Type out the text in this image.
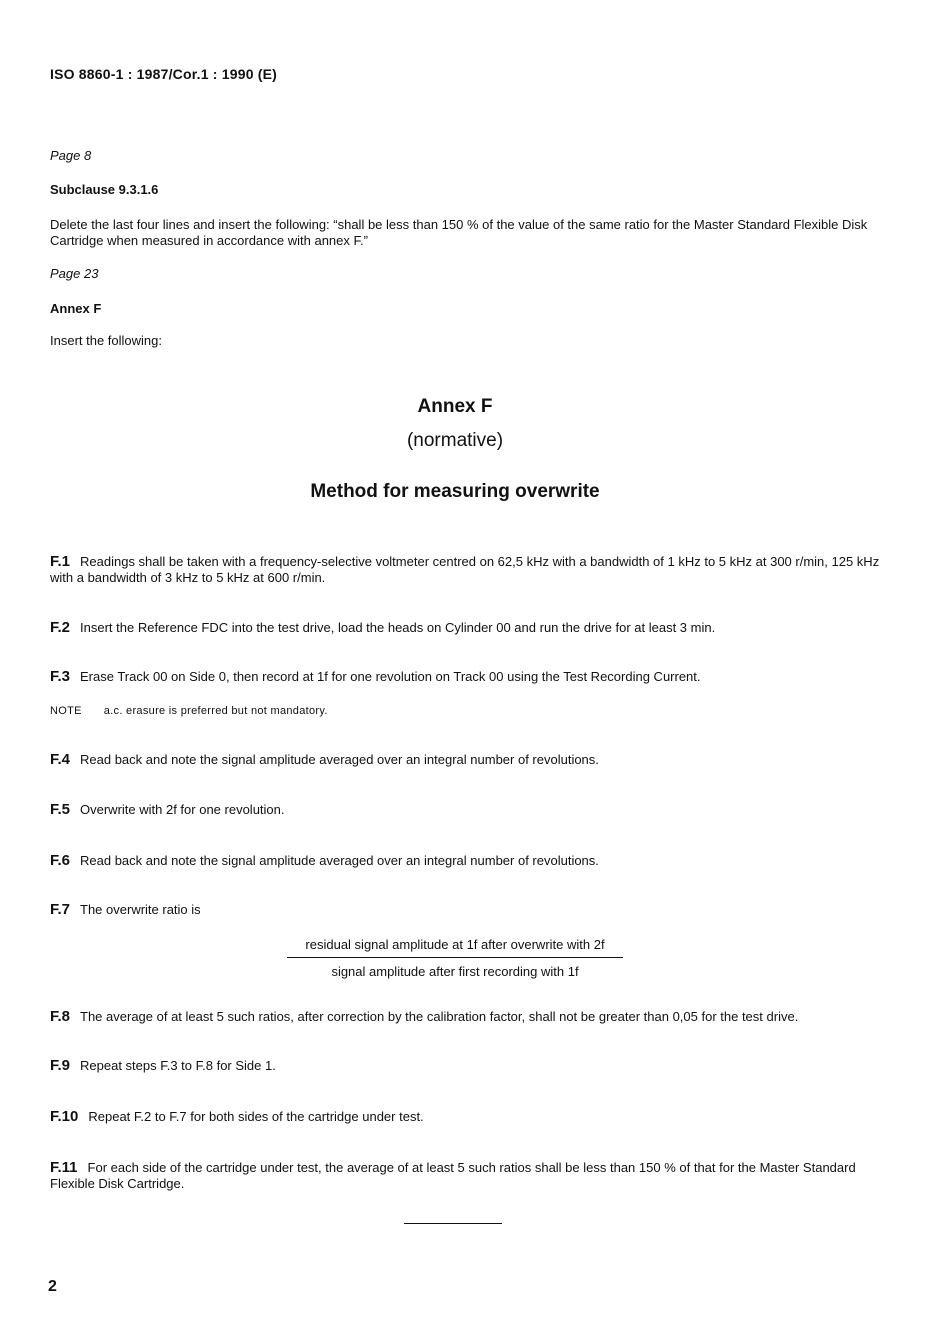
ISO 8860-1 : 1987/Cor.1 : 1990 (E)
Page 8
Subclause 9.3.1.6
Delete the last four lines and insert the following: “shall be less than 150 % of the value of the same ratio for the Master Standard Flexible Disk Cartridge when measured in accordance with annex F.”
Page 23
Annex F
Insert the following:
Annex F
(normative)
Method for measuring overwrite
F.1 Readings shall be taken with a frequency-selective voltmeter centred on 62,5 kHz with a bandwidth of 1 kHz to 5 kHz at 300 r/min, 125 kHz with a bandwidth of 3 kHz to 5 kHz at 600 r/min.
F.2 Insert the Reference FDC into the test drive, load the heads on Cylinder 00 and run the drive for at least 3 min.
F.3 Erase Track 00 on Side 0, then record at 1f for one revolution on Track 00 using the Test Recording Current.
NOTE a.c. erasure is preferred but not mandatory.
F.4 Read back and note the signal amplitude averaged over an integral number of revolutions.
F.5 Overwrite with 2f for one revolution.
F.6 Read back and note the signal amplitude averaged over an integral number of revolutions.
F.7 The overwrite ratio is
residual signal amplitude at 1f after overwrite with 2f
signal amplitude after first recording with 1f
F.8 The average of at least 5 such ratios, after correction by the calibration factor, shall not be greater than 0,05 for the test drive.
F.9 Repeat steps F.3 to F.8 for Side 1.
F.10 Repeat F.2 to F.7 for both sides of the cartridge under test.
F.11 For each side of the cartridge under test, the average of at least 5 such ratios shall be less than 150 % of that for the Master Standard Flexible Disk Cartridge.
2
